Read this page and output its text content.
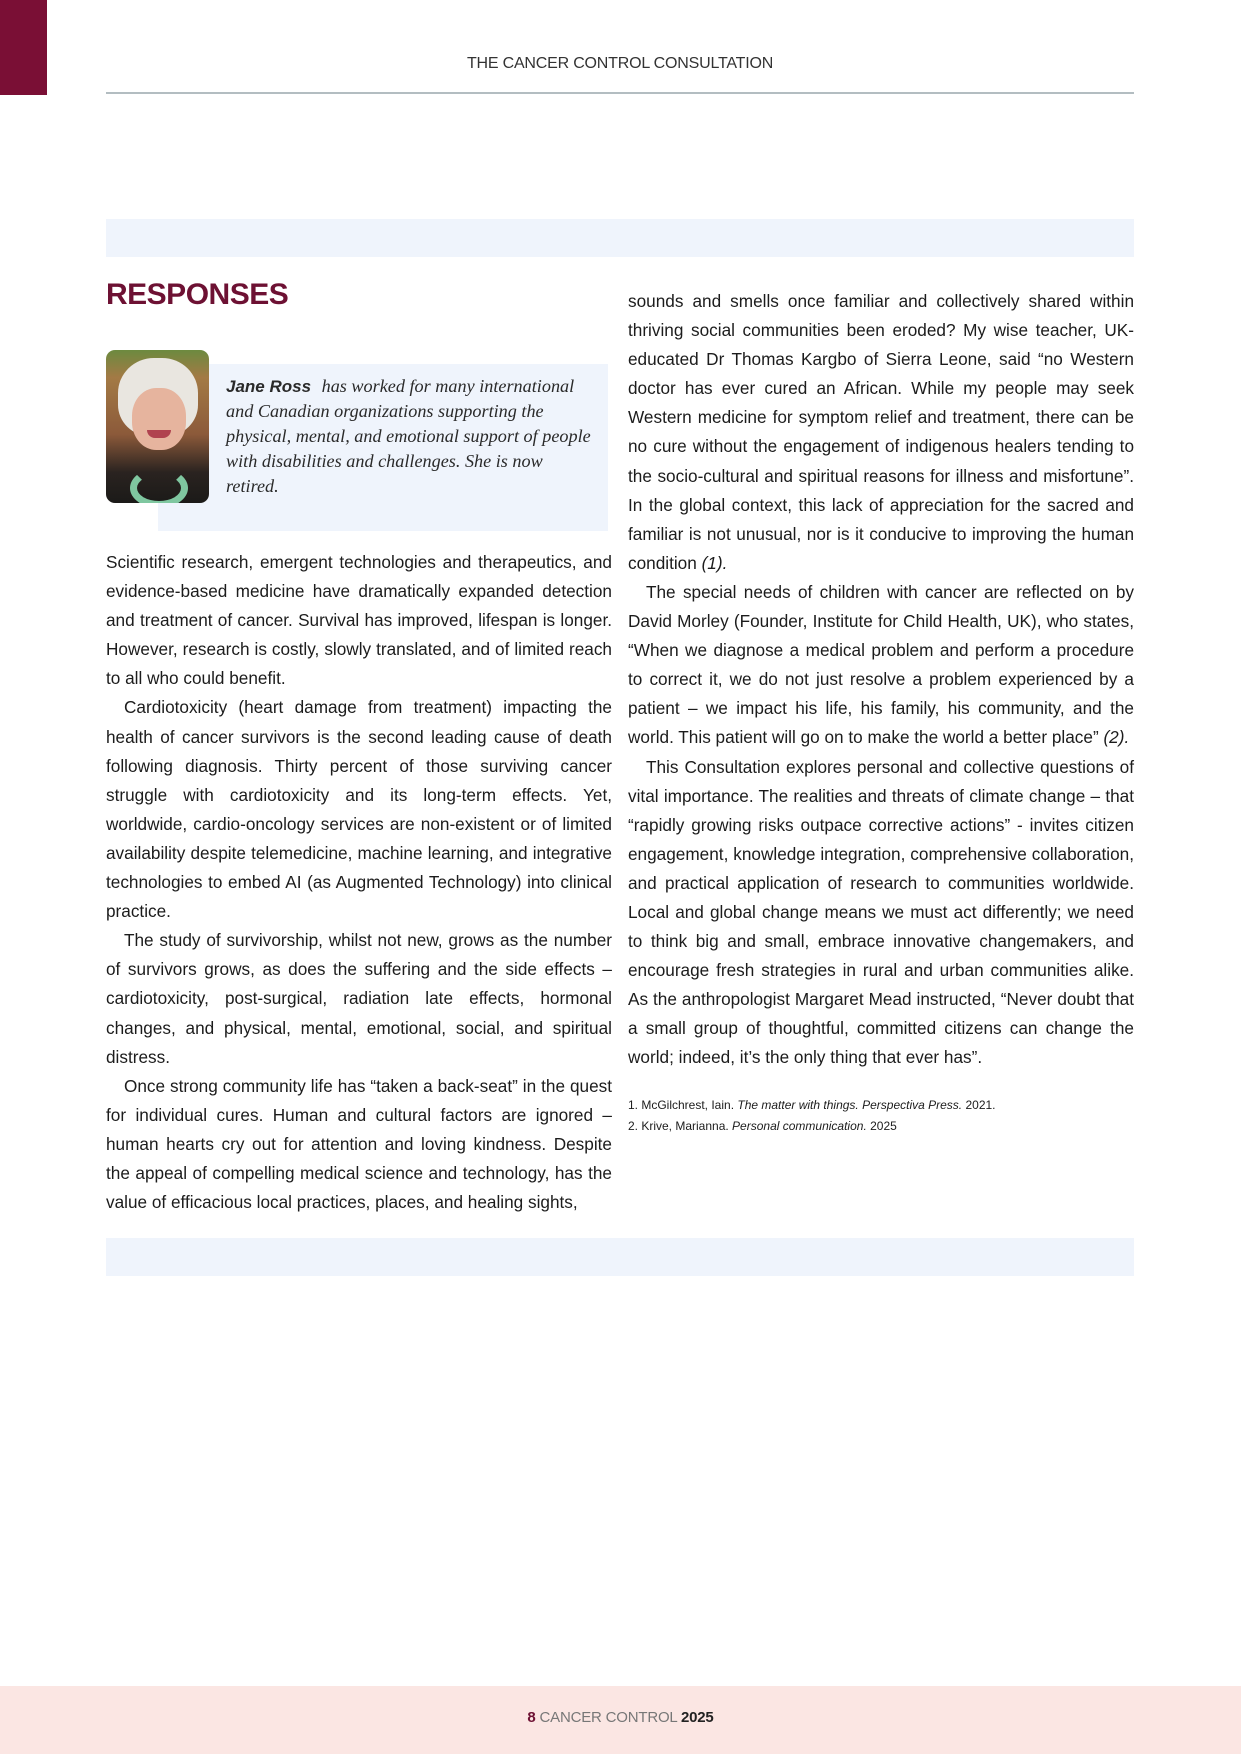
THE CANCER CONTROL CONSULTATION
RESPONSES
Jane Ross has worked for many international and Canadian organizations supporting the physical, mental, and emotional support of people with disabilities and challenges. She is now retired.

Scientific research, emergent technologies and therapeutics, and evidence-based medicine have dramatically expanded detection and treatment of cancer. Survival has improved, lifespan is longer. However, research is costly, slowly translated, and of limited reach to all who could benefit.

Cardiotoxicity (heart damage from treatment) impacting the health of cancer survivors is the second leading cause of death following diagnosis. Thirty percent of those surviving cancer struggle with cardiotoxicity and its long-term effects. Yet, worldwide, cardio-oncology services are non-existent or of limited availability despite telemedicine, machine learning, and integrative technologies to embed AI (as Augmented Technology) into clinical practice.

The study of survivorship, whilst not new, grows as the number of survivors grows, as does the suffering and the side effects – cardiotoxicity, post-surgical, radiation late effects, hormonal changes, and physical, mental, emotional, social, and spiritual distress.

Once strong community life has “taken a back-seat” in the quest for individual cures. Human and cultural factors are ignored – human hearts cry out for attention and loving kindness. Despite the appeal of compelling medical science and technology, has the value of efficacious local practices, places, and healing sights,

sounds and smells once familiar and collectively shared within thriving social communities been eroded? My wise teacher, UK-educated Dr Thomas Kargbo of Sierra Leone, said “no Western doctor has ever cured an African. While my people may seek Western medicine for symptom relief and treatment, there can be no cure without the engagement of indigenous healers tending to the socio-cultural and spiritual reasons for illness and misfortune”. In the global context, this lack of appreciation for the sacred and familiar is not unusual, nor is it conducive to improving the human condition (1).

The special needs of children with cancer are reflected on by David Morley (Founder, Institute for Child Health, UK), who states, “When we diagnose a medical problem and perform a procedure to correct it, we do not just resolve a problem experienced by a patient – we impact his life, his family, his community, and the world. This patient will go on to make the world a better place” (2).

This Consultation explores personal and collective questions of vital importance. The realities and threats of climate change – that “rapidly growing risks outpace corrective actions” - invites citizen engagement, knowledge integration, comprehensive collaboration, and practical application of research to communities worldwide. Local and global change means we must act differently; we need to think big and small, embrace innovative changemakers, and encourage fresh strategies in rural and urban communities alike. As the anthropologist Margaret Mead instructed, “Never doubt that a small group of thoughtful, committed citizens can change the world; indeed, it’s the only thing that ever has”.

1. McGilchrest, Iain. The matter with things. Perspectiva Press. 2021.
2. Krive, Marianna. Personal communication. 2025
8 CANCER CONTROL 2025
